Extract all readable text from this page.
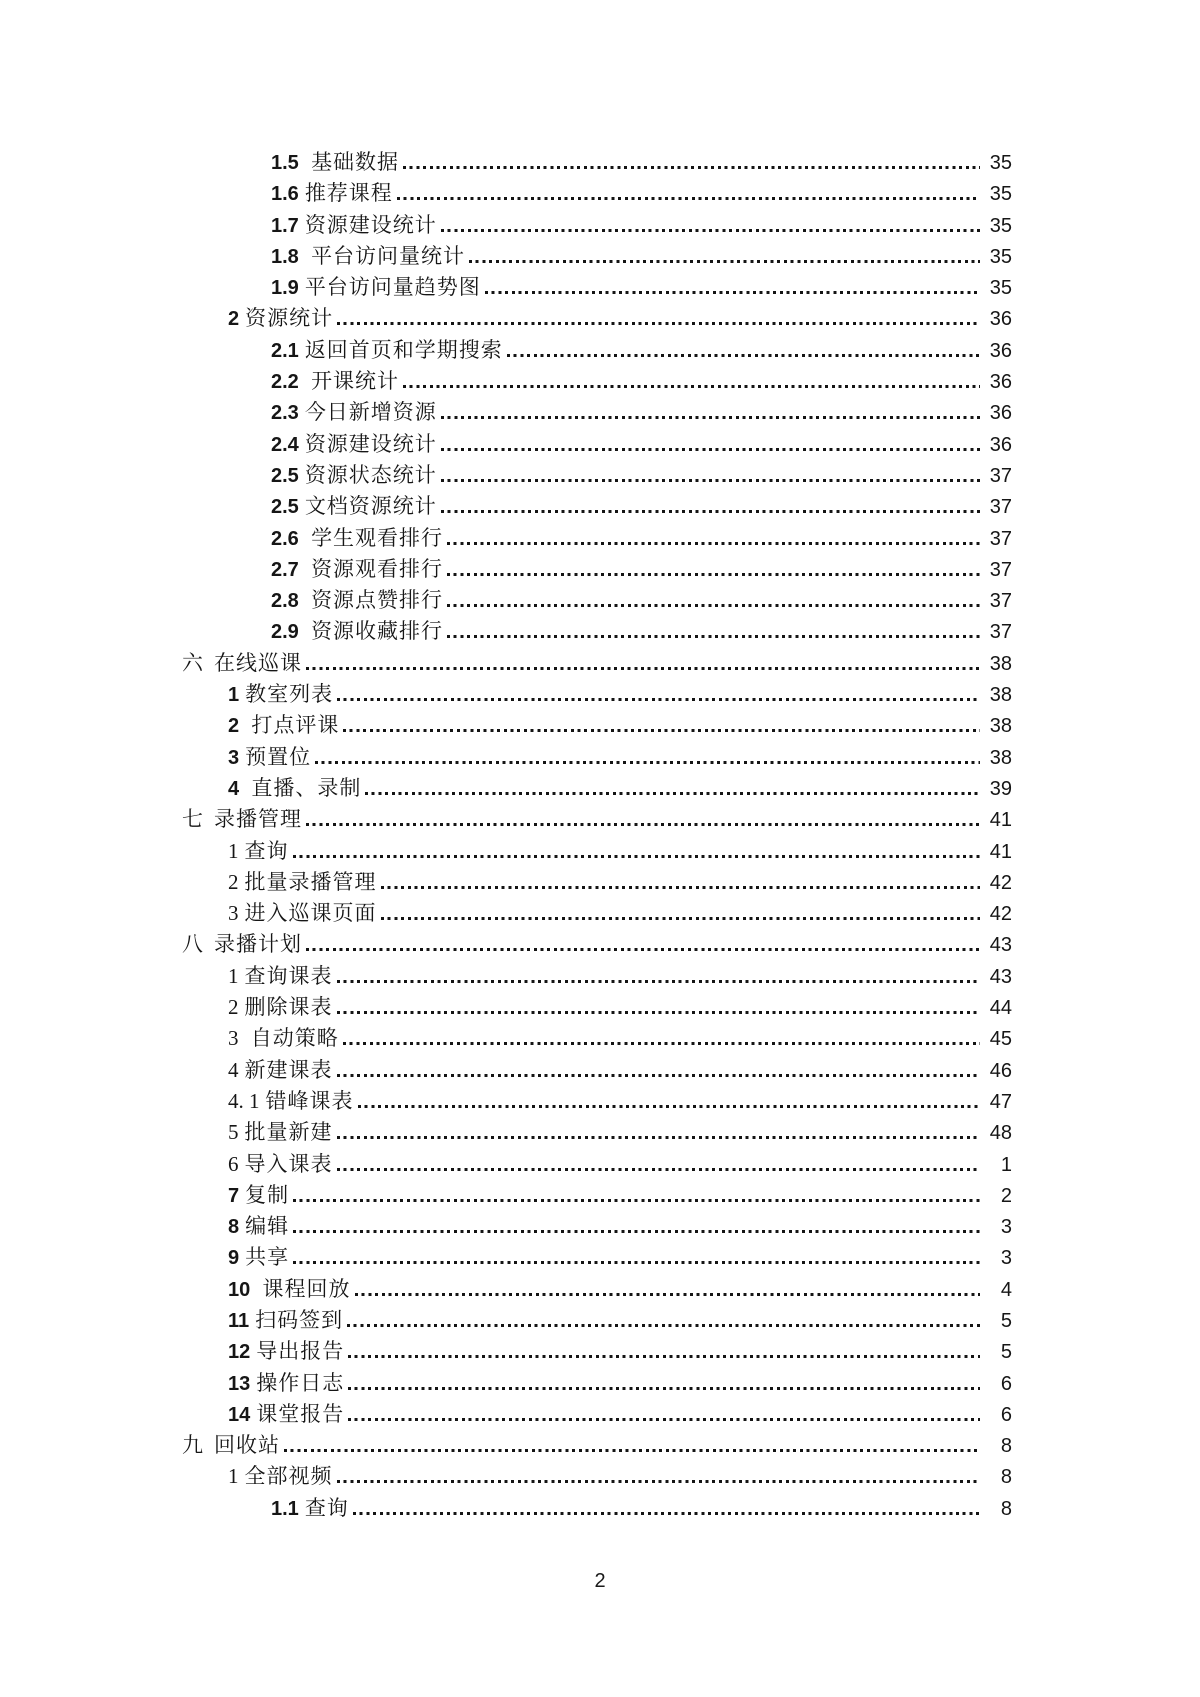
1.5 基础数据	35
1.6 推荐课程	35
1.7 资源建设统计	35
1.8 平台访问量统计	35
1.9 平台访问量趋势图	35
2 资源统计	36
2.1 返回首页和学期搜索	36
2.2 开课统计	36
2.3 今日新增资源	36
2.4 资源建设统计	36
2.5 资源状态统计	37
2.5 文档资源统计	37
2.6 学生观看排行	37
2.7 资源观看排行	37
2.8 资源点赞排行	37
2.9 资源收藏排行	37
六 在线巡课	38
1 教室列表	38
2 打点评课	38
3 预置位	38
4 直播、录制	39
七 录播管理	41
1 查询	41
2 批量录播管理	42
3 进入巡课页面	42
八 录播计划	43
1 查询课表	43
2 删除课表	44
3 自动策略	45
4 新建课表	46
4. 1 错峰课表	47
5 批量新建	48
6 导入课表	1
7 复制	2
8 编辑	3
9 共享	3
10 课程回放	4
11 扫码签到	5
12 导出报告	5
13 操作日志	6
14 课堂报告	6
九 回收站	8
1 全部视频	8
1.1 查询	8
2
